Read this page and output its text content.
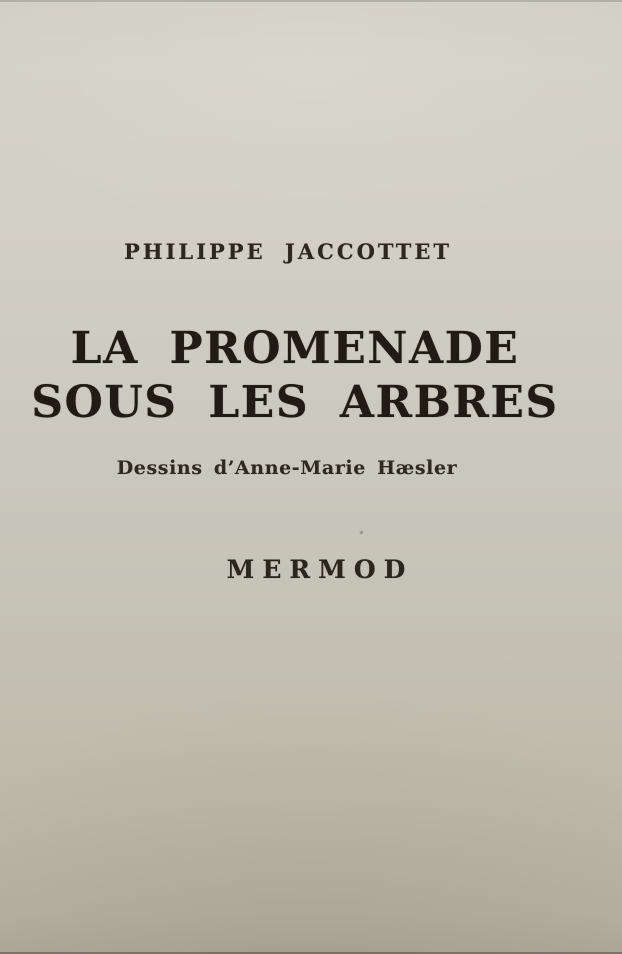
PHILIPPE JACCOTTET
LA PROMENADE
SOUS LES ARBRES
Dessins d’Anne-Marie Hæsler
MERMOD
